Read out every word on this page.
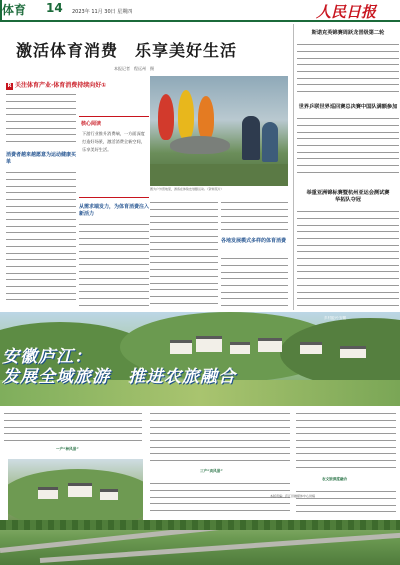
体育 14 2023年 11月 30日 星期四	人民日报
激活体育消费　乐享美好生活
本报记者　程远州　摄
R 关注体育产业·体育消费持续向好①
消费者越来越愿意为运动健康买单
核心阅读
下游行业推升消费端，一方面深度打造好场景，激活消费全新空间，乐享美好生活。
从需求端发力，为体育消费注入新活力
图为户外营地里，游客在体验皮划艇运动。（资料照片）
各地发展模式多样的体育消费
斯诺克英锦赛周跃龙晋级第二轮
世界乒联世界巡回赛总决赛中国队满额参加
举重亚洲锦标赛暨杭州亚运会测试赛
华拓队夺冠
乡村振兴·安徽
安徽庐江：
发展全域旅游　推进农旅融合
一产“种风景”
三产“卖风景”
农文旅深度融合
本版责编：庐江县融媒体中心供稿
